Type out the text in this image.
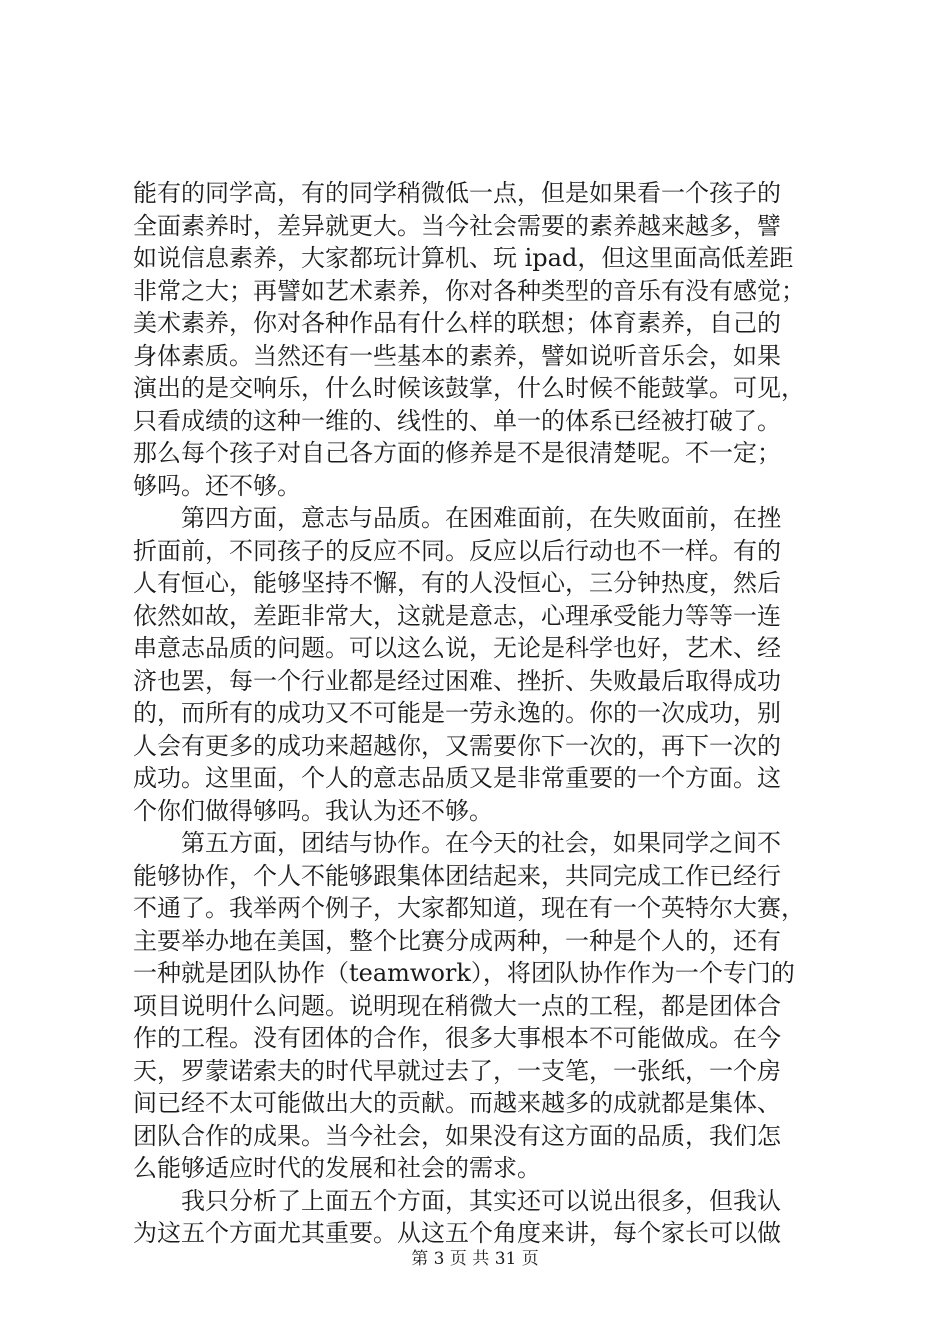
能有的同学高，有的同学稍微低一点，但是如果看一个孩子的
全面素养时，差异就更大。当今社会需要的素养越来越多，譬
如说信息素养，大家都玩计算机、玩 ipad，但这里面高低差距
非常之大；再譬如艺术素养，你对各种类型的音乐有没有感觉；
美术素养，你对各种作品有什么样的联想；体育素养，自己的
身体素质。当然还有一些基本的素养，譬如说听音乐会，如果
演出的是交响乐，什么时候该鼓掌，什么时候不能鼓掌。可见，
只看成绩的这种一维的、线性的、单一的体系已经被打破了。
那么每个孩子对自己各方面的修养是不是很清楚呢。不一定；
够吗。还不够。

　　第四方面，意志与品质。在困难面前，在失败面前，在挫
折面前，不同孩子的反应不同。反应以后行动也不一样。有的
人有恒心，能够坚持不懈，有的人没恒心，三分钟热度，然后
依然如故，差距非常大，这就是意志，心理承受能力等等一连
串意志品质的问题。可以这么说，无论是科学也好，艺术、经
济也罢，每一个行业都是经过困难、挫折、失败最后取得成功
的，而所有的成功又不可能是一劳永逸的。你的一次成功，别
人会有更多的成功来超越你，又需要你下一次的，再下一次的
成功。这里面，个人的意志品质又是非常重要的一个方面。这
个你们做得够吗。我认为还不够。

　　第五方面，团结与协作。在今天的社会，如果同学之间不
能够协作，个人不能够跟集体团结起来，共同完成工作已经行
不通了。我举两个例子，大家都知道，现在有一个英特尔大赛，
主要举办地在美国，整个比赛分成两种，一种是个人的，还有
一种就是团队协作（teamwork），将团队协作作为一个专门的
项目说明什么问题。说明现在稍微大一点的工程，都是团体合
作的工程。没有团体的合作，很多大事根本不可能做成。在今
天，罗蒙诺索夫的时代早就过去了，一支笔，一张纸，一个房
间已经不太可能做出大的贡献。而越来越多的成就都是集体、
团队合作的成果。当今社会，如果没有这方面的品质，我们怎
么能够适应时代的发展和社会的需求。

　　我只分析了上面五个方面，其实还可以说出很多，但我认
为这五个方面尤其重要。从这五个角度来讲，每个家长可以做

第 3 页 共 31 页
